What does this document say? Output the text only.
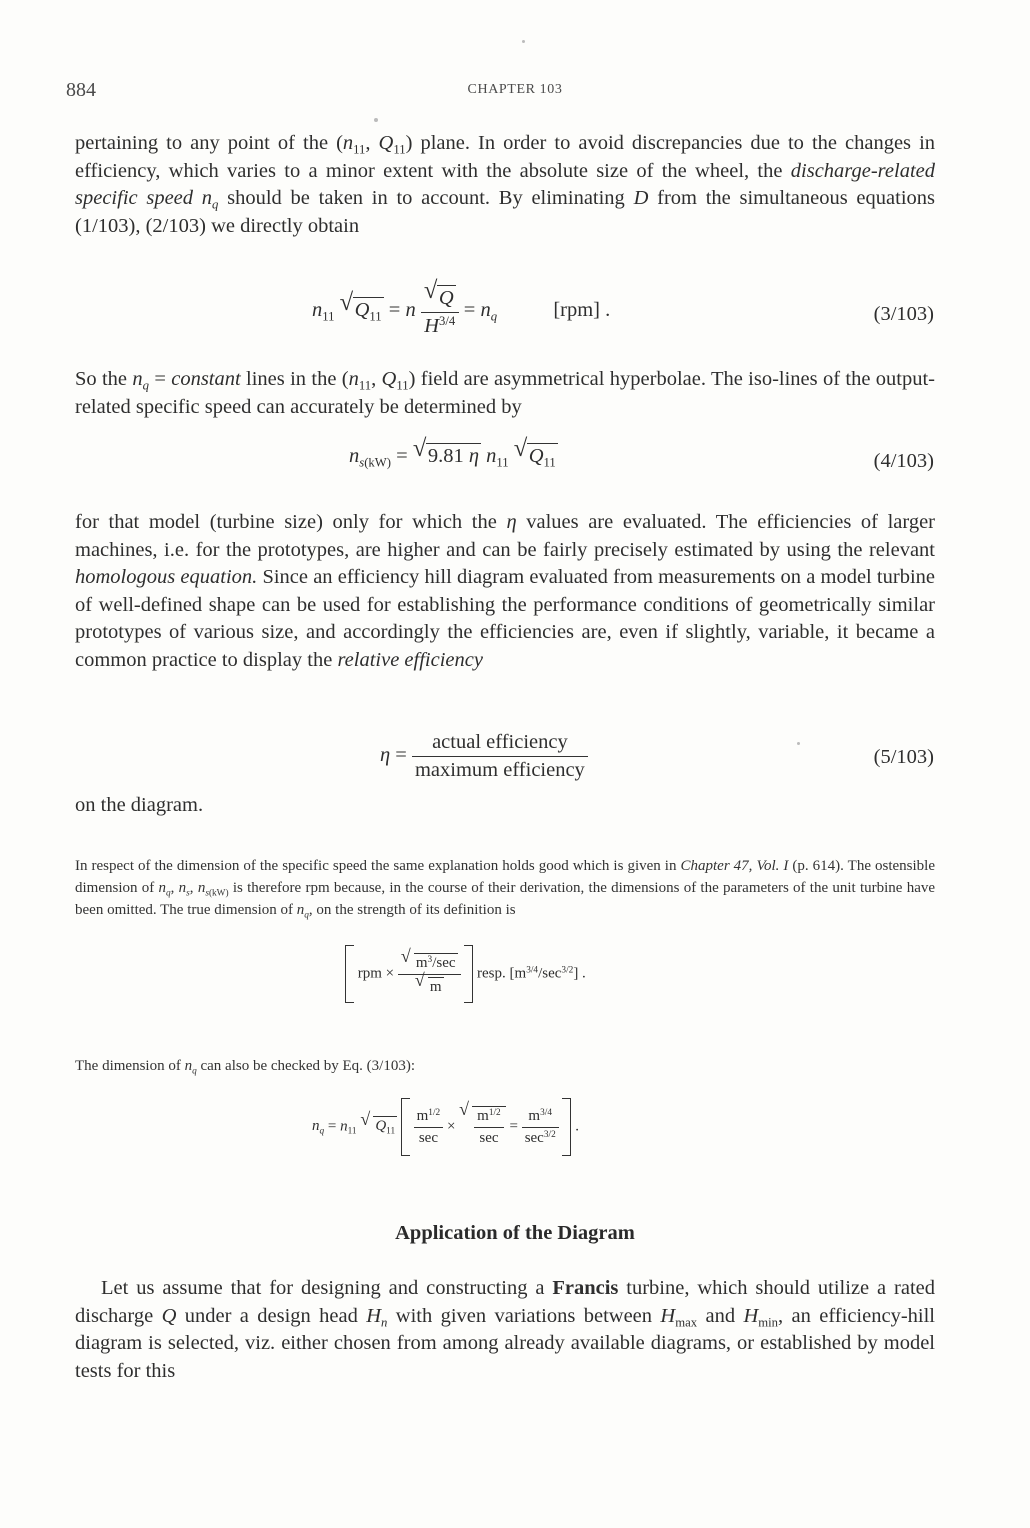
884	CHAPTER 103
pertaining to any point of the ($n_{11}$, $Q_{11}$) plane. In order to avoid discrepancies due to the changes in efficiency, which varies to a minor extent with the absolute size of the wheel, the discharge-related specific speed $n_q$ should be taken in to account. By eliminating D from the simultaneous equations (1/103), (2/103) we directly obtain
$n_{11}$
√ $Q_{11} = n \frac{√ Q}{H^{3/4}} = n_q$	[rpm] .	(3/103)
So the $n_q$ = constant lines in the ($n_{11}$, $Q_{11}$) field are asymmetrical hyperbolae. The iso-lines of the output-related specific speed can accurately be determined by
$n_{s(kW)}$ = √ 9.81 η $n_{11}$
√ $Q_{11}$	(4/103)
for that model (turbine size) only for which the η values are evaluated. The efficiencies of larger machines, i.e. for the prototypes, are higher and can be fairly precisely estimated by using the relevant homologous equation. Since an efficiency hill diagram evaluated from measurements on a model turbine of well-defined shape can be used for establishing the performance conditions of geometrically similar prototypes of various size, and accordingly the efficiencies are, even if slightly, variable, it became a common practice to display the relative efficiency
$\eta = \frac{\text{actual efficiency}}{\text{maximum efficiency}}$	(5/103)
on the diagram.
In respect of the dimension of the specific speed the same explanation holds good which is given in Chapter 47, Vol. I (p. 614). The ostensible dimension of $n_q$, $n_s$, $n_{s(kW)}$ is therefore rpm because, in the course of their derivation, the dimensions of the parameters of the unit turbine have been omitted. The true dimension of $n_q$, on the strength of its definition is
rpm × $\frac{√ m^3/\sec}{√ m}$ resp. $[m^{3/4}/\sec^{3/2}]$ .
The dimension of $n_q$ can also be checked by Eq. (3/103):
$n_q = n_{11}$
√ $Q_{11} \frac{m^{1/2}}{\sec}$ ×
√ $\frac{m^{1/2}}{\sec} = \frac{m^{3/4}}{\sec^{3/2}}$ .
Application of the Diagram
Let us assume that for designing and constructing a Francis turbine, which should utilize a rated discharge Q under a design head $H_n$ with given variations between $H_{max}$ and $H_{min}$, an efficiency-hill diagram is selected, viz. either chosen from among already available diagrams, or established by model tests for this
